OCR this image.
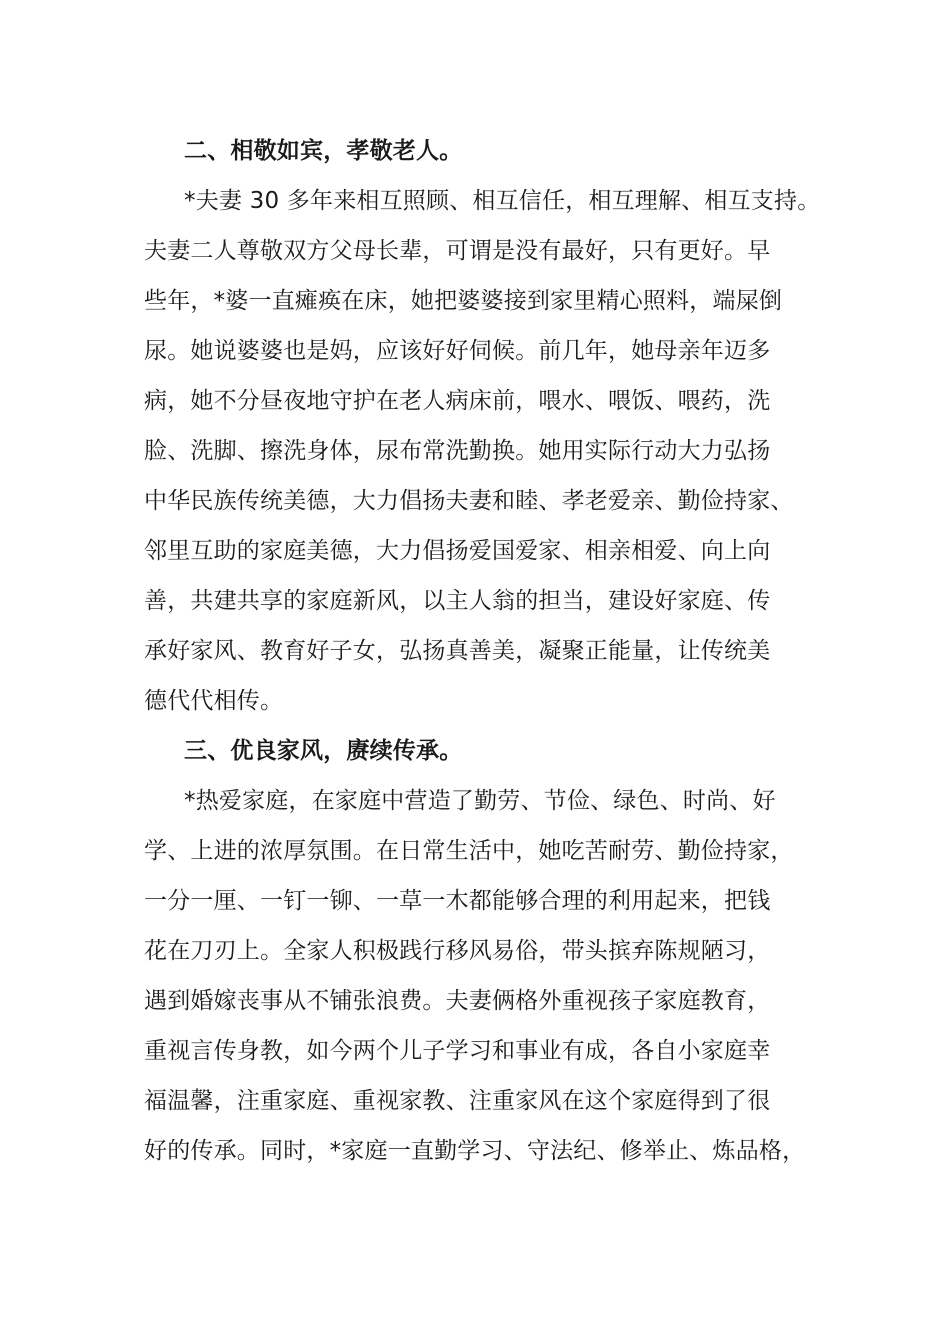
二、相敬如宾，孝敬老人。
*夫妻 30 多年来相互照顾、相互信任，相互理解、相互支持。
夫妻二人尊敬双方父母长辈，可谓是没有最好，只有更好。早
些年，*婆一直瘫痪在床，她把婆婆接到家里精心照料，端屎倒
尿。她说婆婆也是妈，应该好好伺候。前几年，她母亲年迈多
病，她不分昼夜地守护在老人病床前，喂水、喂饭、喂药，洗
脸、洗脚、擦洗身体，尿布常洗勤换。她用实际行动大力弘扬
中华民族传统美德，大力倡扬夫妻和睦、孝老爱亲、勤俭持家、
邻里互助的家庭美德，大力倡扬爱国爱家、相亲相爱、向上向
善，共建共享的家庭新风，以主人翁的担当，建设好家庭、传
承好家风、教育好子女，弘扬真善美，凝聚正能量，让传统美
德代代相传。
三、优良家风，赓续传承。
*热爱家庭，在家庭中营造了勤劳、节俭、绿色、时尚、好
学、上进的浓厚氛围。在日常生活中，她吃苦耐劳、勤俭持家，
一分一厘、一钉一铆、一草一木都能够合理的利用起来，把钱
花在刀刃上。全家人积极践行移风易俗，带头摈弃陈规陋习，
遇到婚嫁丧事从不铺张浪费。夫妻俩格外重视孩子家庭教育，
重视言传身教，如今两个儿子学习和事业有成，各自小家庭幸
福温馨，注重家庭、重视家教、注重家风在这个家庭得到了很
好的传承。同时，*家庭一直勤学习、守法纪、修举止、炼品格，
